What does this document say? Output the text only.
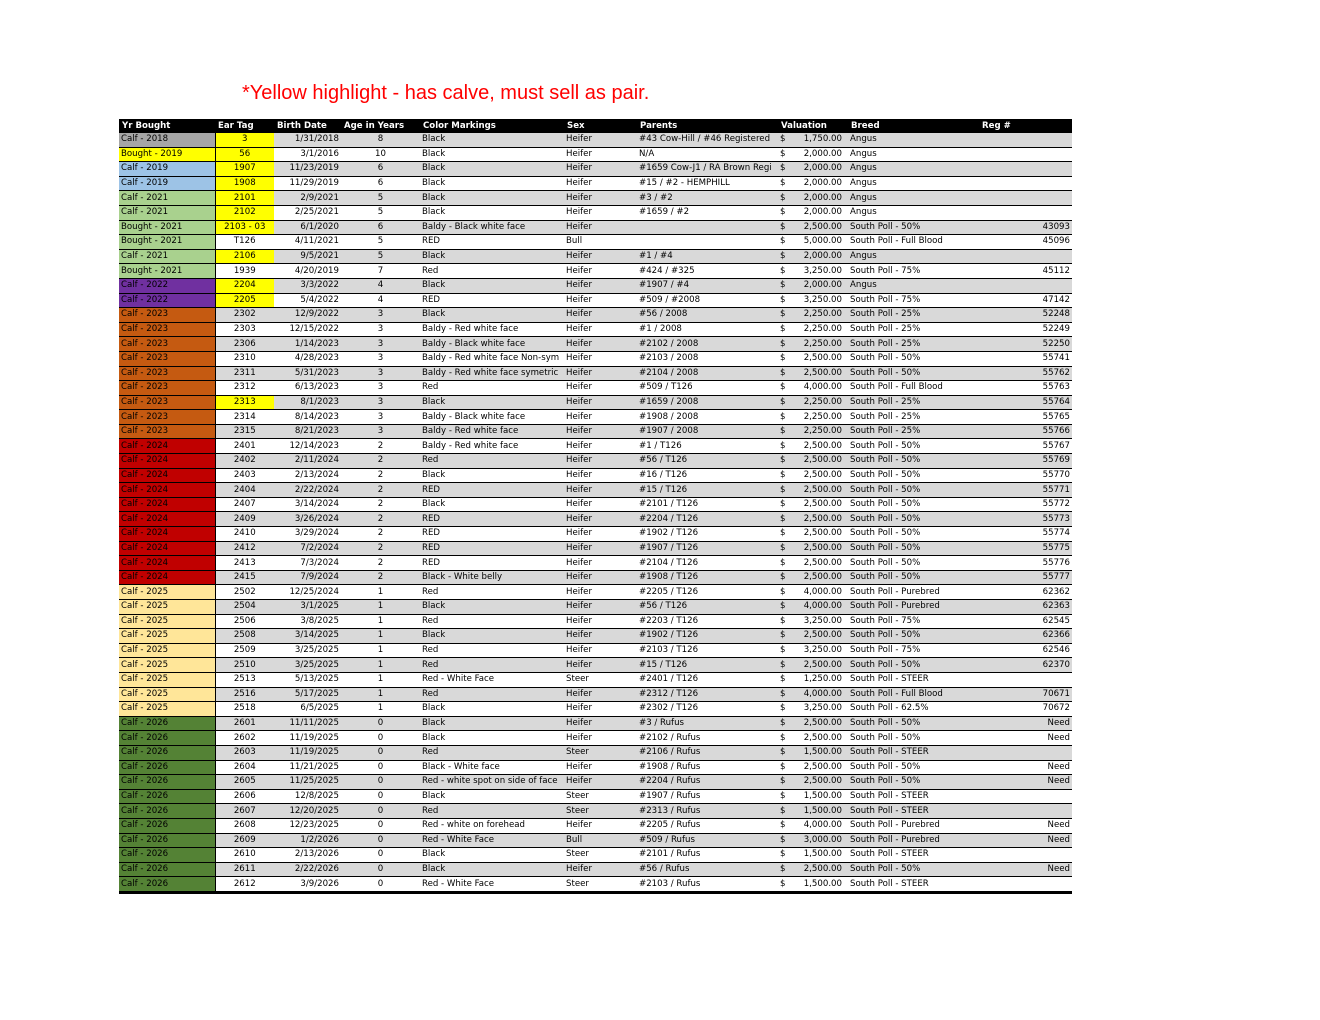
*Yellow highlight - has calve, must sell as pair.
Yr Bought	Ear Tag	Birth Date	Age in Years	Color Markings	Sex	Parents	Valuation	Breed	Reg #
Calf - 2018	3	1/31/2018	8	Black	Heifer	#43 Cow-Hill / #46 Registered	$ 1,750.00	Angus	
Bought - 2019	56	3/1/2016	10	Black	Heifer	N/A	$ 2,000.00	Angus	
Calf - 2019	1907	11/23/2019	6	Black	Heifer	#1659 Cow-J1 / RA Brown Regi	$ 2,000.00	Angus	
Calf - 2019	1908	11/29/2019	6	Black	Heifer	#15 / #2 - HEMPHILL	$ 2,000.00	Angus	
Calf - 2021	2101	2/9/2021	5	Black	Heifer	#3 / #2	$ 2,000.00	Angus	
Calf - 2021	2102	2/25/2021	5	Black	Heifer	#1659 / #2	$ 2,000.00	Angus	
Bought - 2021	2103 - 03	6/1/2020	6	Baldy - Black white face	Heifer		$ 2,500.00	South Poll - 50%	43093
Bought - 2021	T126	4/11/2021	5	RED	Bull		$ 5,000.00	South Poll - Full Blood	45096
Calf - 2021	2106	9/5/2021	5	Black	Heifer	#1 / #4	$ 2,000.00	Angus	
Bought - 2021	1939	4/20/2019	7	Red	Heifer	#424 / #325	$ 3,250.00	South Poll - 75%	45112
Calf - 2022	2204	3/3/2022	4	Black	Heifer	#1907 / #4	$ 2,000.00	Angus	
Calf - 2022	2205	5/4/2022	4	RED	Heifer	#509 / #2008	$ 3,250.00	South Poll - 75%	47142
Calf - 2023	2302	12/9/2022	3	Black	Heifer	#56 / 2008	$ 2,250.00	South Poll - 25%	52248
Calf - 2023	2303	12/15/2022	3	Baldy - Red white face	Heifer	#1 / 2008	$ 2,250.00	South Poll - 25%	52249
Calf - 2023	2306	1/14/2023	3	Baldy - Black white face	Heifer	#2102 / 2008	$ 2,250.00	South Poll - 25%	52250
Calf - 2023	2310	4/28/2023	3	Baldy - Red white face Non-sym	Heifer	#2103 / 2008	$ 2,500.00	South Poll - 50%	55741
Calf - 2023	2311	5/31/2023	3	Baldy - Red white face symetric	Heifer	#2104 / 2008	$ 2,500.00	South Poll - 50%	55762
Calf - 2023	2312	6/13/2023	3	Red	Heifer	#509 / T126	$ 4,000.00	South Poll - Full Blood	55763
Calf - 2023	2313	8/1/2023	3	Black	Heifer	#1659 / 2008	$ 2,250.00	South Poll - 25%	55764
Calf - 2023	2314	8/14/2023	3	Baldy - Black white face	Heifer	#1908 / 2008	$ 2,250.00	South Poll - 25%	55765
Calf - 2023	2315	8/21/2023	3	Baldy - Red white face	Heifer	#1907 / 2008	$ 2,250.00	South Poll - 25%	55766
Calf - 2024	2401	12/14/2023	2	Baldy - Red white face	Heifer	#1 / T126	$ 2,500.00	South Poll - 50%	55767
Calf - 2024	2402	2/11/2024	2	Red	Heifer	#56 / T126	$ 2,500.00	South Poll - 50%	55769
Calf - 2024	2403	2/13/2024	2	Black	Heifer	#16 / T126	$ 2,500.00	South Poll - 50%	55770
Calf - 2024	2404	2/22/2024	2	RED	Heifer	#15 / T126	$ 2,500.00	South Poll - 50%	55771
Calf - 2024	2407	3/14/2024	2	Black	Heifer	#2101 / T126	$ 2,500.00	South Poll - 50%	55772
Calf - 2024	2409	3/26/2024	2	RED	Heifer	#2204 / T126	$ 2,500.00	South Poll - 50%	55773
Calf - 2024	2410	3/29/2024	2	RED	Heifer	#1902 / T126	$ 2,500.00	South Poll - 50%	55774
Calf - 2024	2412	7/2/2024	2	RED	Heifer	#1907 / T126	$ 2,500.00	South Poll - 50%	55775
Calf - 2024	2413	7/3/2024	2	RED	Heifer	#2104 / T126	$ 2,500.00	South Poll - 50%	55776
Calf - 2024	2415	7/9/2024	2	Black - White belly	Heifer	#1908 / T126	$ 2,500.00	South Poll - 50%	55777
Calf - 2025	2502	12/25/2024	1	Red	Heifer	#2205 / T126	$ 4,000.00	South Poll - Purebred	62362
Calf - 2025	2504	3/1/2025	1	Black	Heifer	#56 / T126	$ 4,000.00	South Poll - Purebred	62363
Calf - 2025	2506	3/8/2025	1	Red	Heifer	#2203 / T126	$ 3,250.00	South Poll - 75%	62545
Calf - 2025	2508	3/14/2025	1	Black	Heifer	#1902 / T126	$ 2,500.00	South Poll - 50%	62366
Calf - 2025	2509	3/25/2025	1	Red	Heifer	#2103 / T126	$ 3,250.00	South Poll - 75%	62546
Calf - 2025	2510	3/25/2025	1	Red	Heifer	#15 / T126	$ 2,500.00	South Poll - 50%	62370
Calf - 2025	2513	5/13/2025	1	Red - White Face	Steer	#2401 / T126	$ 1,250.00	South Poll - STEER	
Calf - 2025	2516	5/17/2025	1	Red	Heifer	#2312 / T126	$ 4,000.00	South Poll - Full Blood	70671
Calf - 2025	2518	6/5/2025	1	Black	Heifer	#2302 / T126	$ 3,250.00	South Poll - 62.5%	70672
Calf - 2026	2601	11/11/2025	0	Black	Heifer	#3 / Rufus	$ 2,500.00	South Poll - 50%	Need
Calf - 2026	2602	11/19/2025	0	Black	Heifer	#2102 / Rufus	$ 2,500.00	South Poll - 50%	Need
Calf - 2026	2603	11/19/2025	0	Red	Steer	#2106 / Rufus	$ 1,500.00	South Poll - STEER	
Calf - 2026	2604	11/21/2025	0	Black - White face	Heifer	#1908 / Rufus	$ 2,500.00	South Poll - 50%	Need
Calf - 2026	2605	11/25/2025	0	Red - white spot on side of face	Heifer	#2204 / Rufus	$ 2,500.00	South Poll - 50%	Need
Calf - 2026	2606	12/8/2025	0	Black	Steer	#1907 / Rufus	$ 1,500.00	South Poll - STEER	
Calf - 2026	2607	12/20/2025	0	Red	Steer	#2313 / Rufus	$ 1,500.00	South Poll - STEER	
Calf - 2026	2608	12/23/2025	0	Red - white on forehead	Heifer	#2205 / Rufus	$ 4,000.00	South Poll - Purebred	Need
Calf - 2026	2609	1/2/2026	0	Red - White Face	Bull	#509 / Rufus	$ 3,000.00	South Poll - Purebred	Need
Calf - 2026	2610	2/13/2026	0	Black	Steer	#2101 / Rufus	$ 1,500.00	South Poll - STEER	
Calf - 2026	2611	2/22/2026	0	Black	Heifer	#56 / Rufus	$ 2,500.00	South Poll - 50%	Need
Calf - 2026	2612	3/9/2026	0	Red - White Face	Steer	#2103 / Rufus	$ 1,500.00	South Poll - STEER	
